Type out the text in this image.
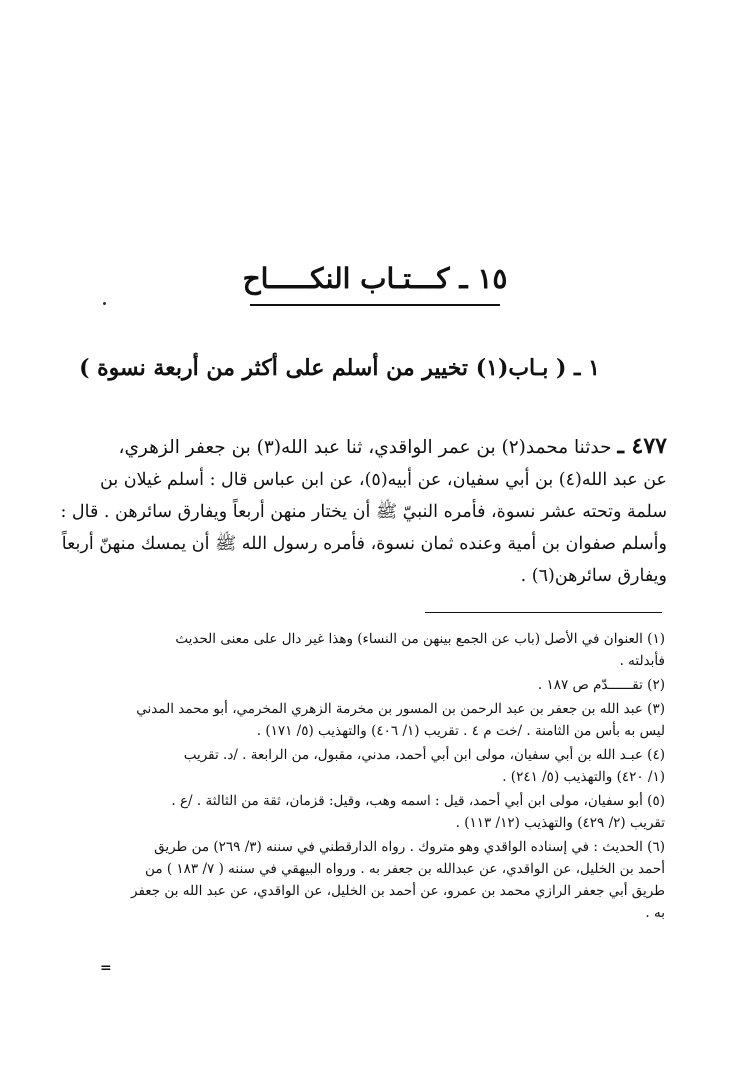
١٥ ـ كـــتـاب النكـــــاح
١ ـ ( بـاب(١) تخيير من أسلم على أكثر من أربعة نسوة )
٤٧٧ ـ حدثنا محمد(٢) بن عمر الواقدي، ثنا عبد الله(٣) بن جعفر الزهري،
عن عبد الله(٤) بن أبي سفيان، عن أبيه(٥)، عن ابن عباس قال : أسلم غيلان بن
سلمة وتحته عشر نسوة، فأمره النبيّ ﷺ أن يختار منهن أربعاً ويفارق سائرهن . قال :
وأسلم صفوان بن أمية وعنده ثمان نسوة، فأمره رسول الله ﷺ أن يمسك منهنّ أربعاً
ويفارق سائرهن(٦) .
(١) العنوان في الأصل (باب عن الجمع بينهن من النساء) وهذا غير دال على معنى الحديث
فأبدلته .
(٢) تقــــــدّم ص ١٨٧ .
(٣) عبد الله بن جعفر بن عبد الرحمن بن المسور بن مخرمة الزهري المخرمي، أبو محمد المدني
ليس به بأس من الثامنة . /خت م ٤ . تقريب (١/ ٤٠٦) والتهذيب (٥/ ١٧١) .
(٤) عبـد الله بن أبي سفيان، مولى ابن أبي أحمد، مدني، مقبول، من الرابعة . /د. تقريب
(١/ ٤٢٠) والتهذيب (٥/ ٢٤١) .
(٥) أبو سفيان، مولى ابن أبي أحمد، قيل : اسمه وهب، وقيل: قزمان، ثقة من الثالثة . /ع .
تقريب (٢/ ٤٢٩) والتهذيب (١٢/ ١١٣) .
(٦) الحديث : في إسناده الواقدي وهو متروك . رواه الدارقطني في سننه (٣/ ٢٦٩) من طريق
أحمد بن الخليل، عن الواقدي، عن عبدالله بن جعفر به . ورواه البيهقي في سننه ( ٧/ ١٨٣ ) من
طريق أبي جعفر الرازي محمد بن عمرو، عن أحمد بن الخليل، عن الواقدي، عن عبد الله بن جعفر
به .
=
